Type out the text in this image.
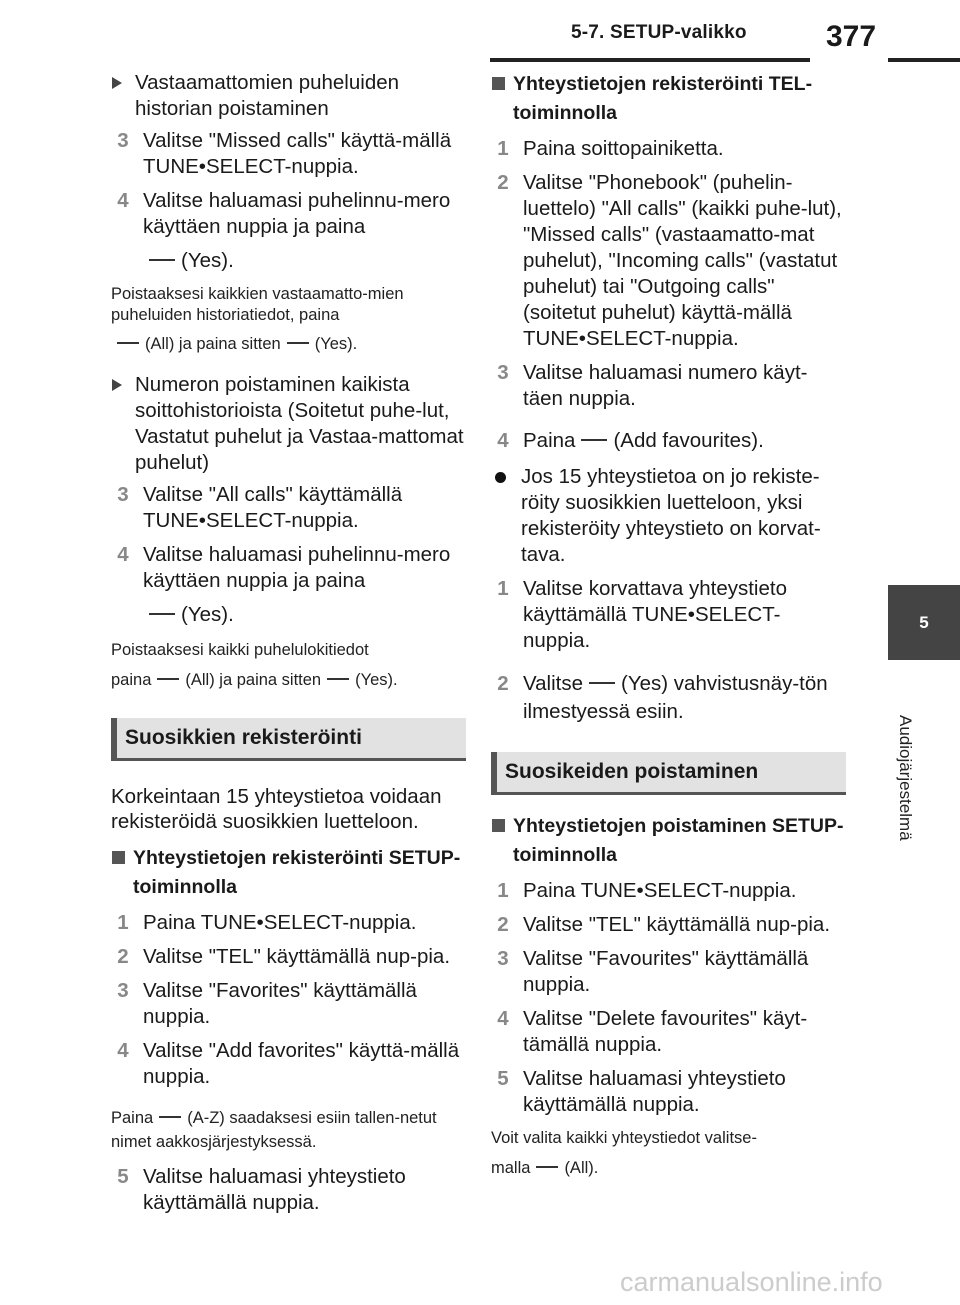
5-7. SETUP-valikko	377
5
Audiojärjestelmä
Vastaamattomien puheluiden historian poistaminen
3 Valitse "Missed calls" käyttä-mällä TUNE•SELECT-nuppia.
4 Valitse haluamasi puhelinnu-mero käyttäen nuppia ja paina
(Yes).
Poistaaksesi kaikkien vastaamatto-mien puheluiden historiatiedot, paina
(All) ja paina sitten (Yes).
Numeron poistaminen kaikista soittohistorioista (Soitetut puhe-lut, Vastatut puhelut ja Vastaa-mattomat puhelut)
3 Valitse "All calls" käyttämällä TUNE•SELECT-nuppia.
4 Valitse haluamasi puhelinnu-mero käyttäen nuppia ja paina
(Yes).
Poistaaksesi kaikki puhelulokitiedot
paina (All) ja paina sitten (Yes).
Suosikkien rekisteröinti
Korkeintaan 15 yhteystietoa voidaan rekisteröidä suosikkien luetteloon.
Yhteystietojen rekisteröinti SETUP-toiminnolla
1 Paina TUNE•SELECT-nuppia.
2 Valitse "TEL" käyttämällä nup-pia.
3 Valitse "Favorites" käyttämällä nuppia.
4 Valitse "Add favorites" käyttä-mällä nuppia.
Paina (A-Z) saadaksesi esiin tallen-netut nimet aakkosjärjestyksessä.
5 Valitse haluamasi yhteystieto käyttämällä nuppia.
Yhteystietojen rekisteröinti TEL-toiminnolla
1 Paina soittopainiketta.
2 Valitse "Phonebook" (puhelin-luettelo) "All calls" (kaikki puhe-lut), "Missed calls" (vastaamatto-mat puhelut), "Incoming calls" (vastatut puhelut) tai "Outgoing calls" (soitetut puhelut) käyttä-mällä TUNE•SELECT-nuppia.
3 Valitse haluamasi numero käyt-täen nuppia.
4 Paina (Add favourites).
Jos 15 yhteystietoa on jo rekiste-röity suosikkien luetteloon, yksi rekisteröity yhteystieto on korvat-tava.
1 Valitse korvattava yhteystieto käyttämällä TUNE•SELECT-nuppia.
2 Valitse (Yes) vahvistusnäy-tön ilmestyessä esiin.
Suosikeiden poistaminen
Yhteystietojen poistaminen SETUP-toiminnolla
1 Paina TUNE•SELECT-nuppia.
2 Valitse "TEL" käyttämällä nup-pia.
3 Valitse "Favourites" käyttämällä nuppia.
4 Valitse "Delete favourites" käyt-tämällä nuppia.
5 Valitse haluamasi yhteystieto käyttämällä nuppia.
Voit valita kaikki yhteystiedot valitse-
malla (All).
carmanualsonline.info
